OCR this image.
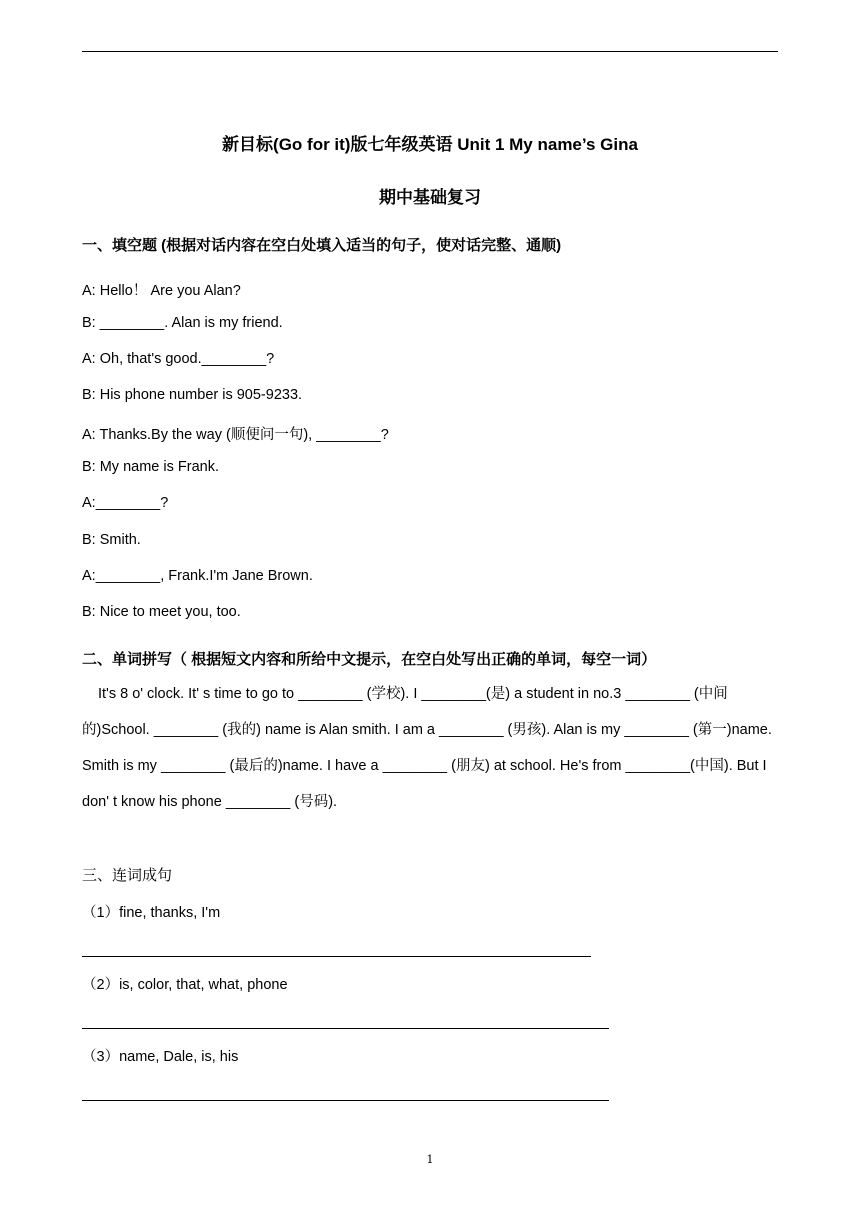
新目标(Go for it)版七年级英语 Unit 1 My name’s Gina
期中基础复习
一、填空题 (根据对话内容在空白处填入适当的句子，使对话完整、通顺)
A: Hello！ Are you Alan?
B: ________. Alan is my friend.
A: Oh, that's good.________?
B: His phone number is 905-9233.
A: Thanks.By the way (顺便问一句), ________?
B: My name is Frank.
A:________?
B: Smith.
A:________, Frank.I'm Jane Brown.
B: Nice to meet you, too.
二、单词拼写（ 根据短文内容和所给中文提示，在空白处写出正确的单词，每空一词）

It's 8 o' clock. It' s time to go to ________ (学校). I ________(是) a student in no.3 ________ (中间的)School. ________ (我的) name is Alan smith. I am a ________ (男孩). Alan is my ________ (第一)name. Smith is my ________ (最后的)name. I have a ________ (朋友) at school. He's from ________(中国). But I don' t know his phone ________ (号码).

三、连词成句
（1）fine, thanks, I'm
（2）is, color, that, what, phone
（3）name, Dale, is, his
1
